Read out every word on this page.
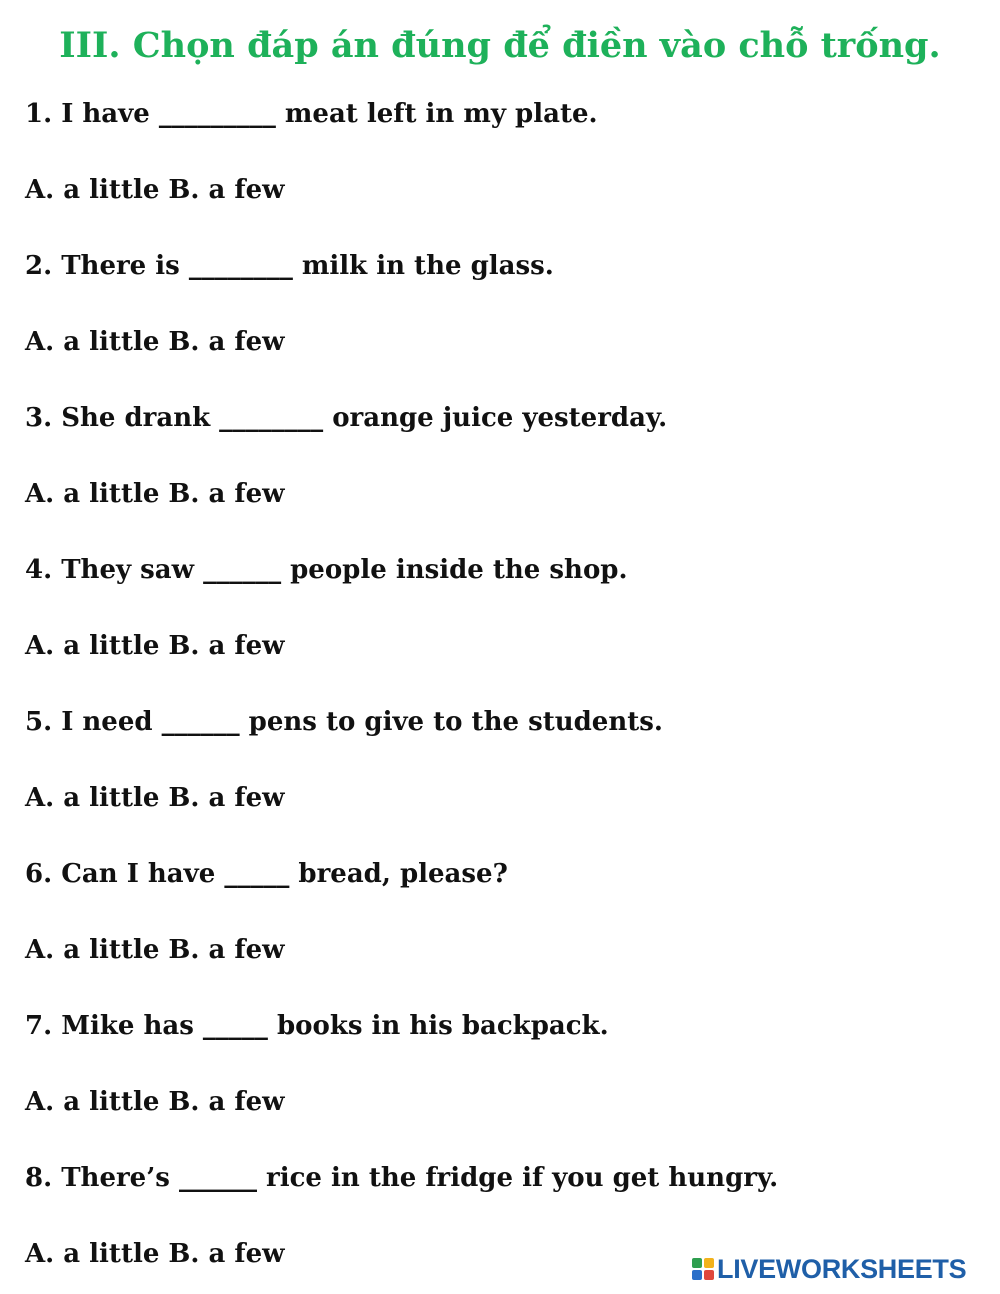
III. Chọn đáp án đúng để điền vào chỗ trống.
1. I have _________ meat left in my plate.
A. a little B. a few
2. There is ________ milk in the glass.
A. a little B. a few
3. She drank ________ orange juice yesterday.
A. a little B. a few
4. They saw ______ people inside the shop.
A. a little B. a few
5. I need ______ pens to give to the students.
A. a little B. a few
6. Can I have _____ bread, please?
A. a little B. a few
7. Mike has _____ books in his backpack.
A. a little B. a few
8. There’s ______ rice in the fridge if you get hungry.
A. a little B. a few	LIVEWORKSHEETS
